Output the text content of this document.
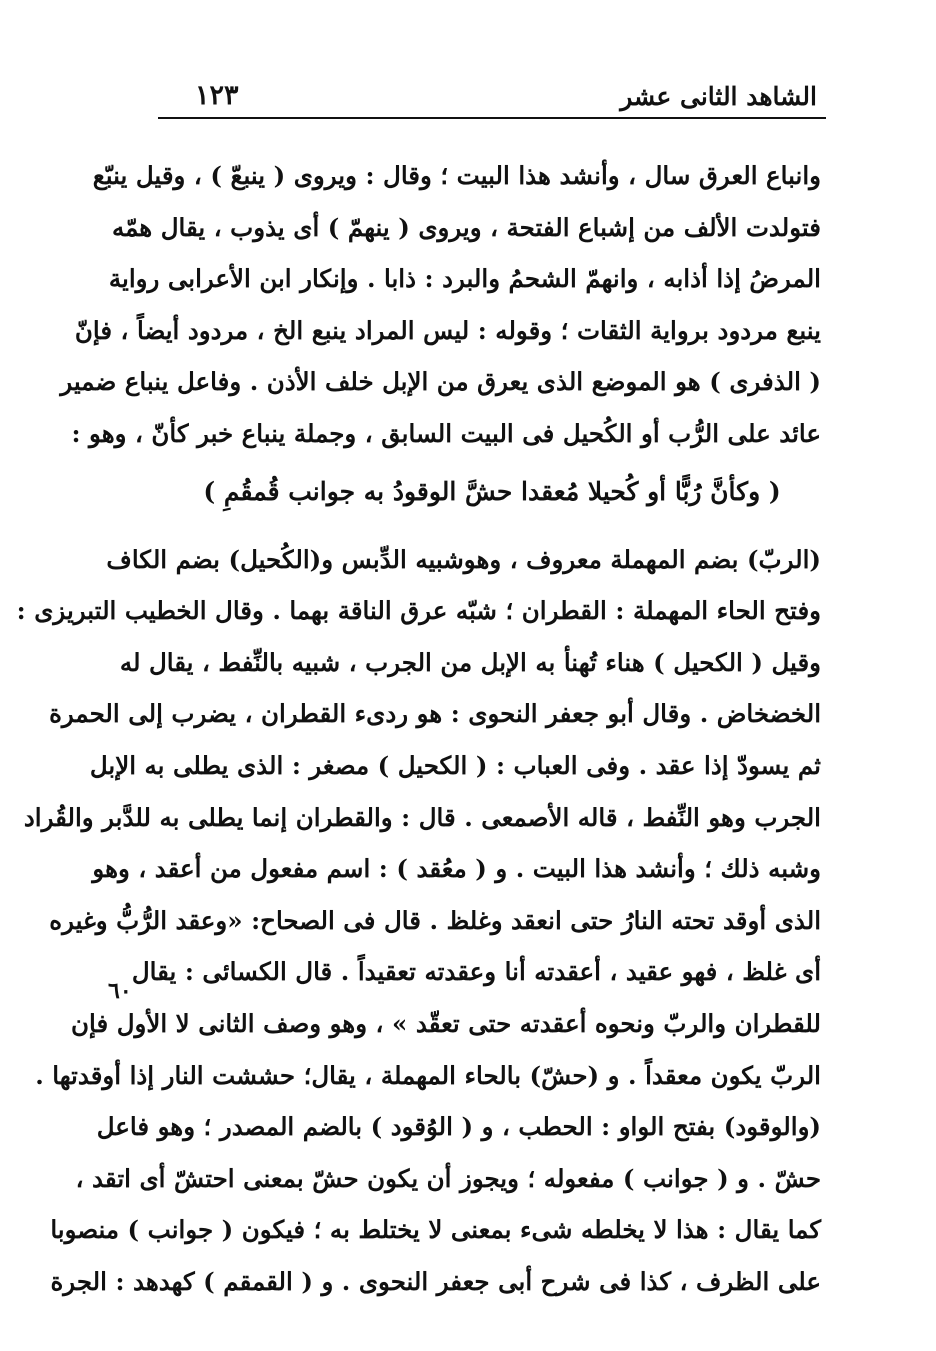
الشاهد الثانى عشر
١٢٣
وانباع العرق سال ، وأنشد هذا البيت ؛ وقال : ويروى ( ينبعّ ) ، وقيل ينبّع
فتولدت الألف من إشباع الفتحة ، ويروى ( ينهمّ ) أى يذوب ، يقال همّه
المرضُ إذا أذابه ، وانهمّ الشحمُ والبرد : ذابا . وإنكار ابن الأعرابى رواية
ينبع مردود برواية الثقات ؛ وقوله : ليس المراد ينبع الخ ، مردود أيضاً ، فإنّ
( الذفرى ) هو الموضع الذى يعرق من الإبل خلف الأذن . وفاعل ينباع ضمير
عائد على الرُّب أو الكُحيل فى البيت السابق ، وجملة ينباع خبر كأنّ ، وهو :
( وكأنَّ رُبًّا أو كُحيلا مُعقدا حشَّ الوقودُ به جوانب قُمقُمِ )
(الربّ) بضم المهملة معروف ، وهوشبيه الدِّبس و(الكُحيل) بضم الكاف
وفتح الحاء المهملة : القطران ؛ شبّه عرق الناقة بهما . وقال الخطيب التبريزى :
وقيل ( الكحيل ) هناء تُهنأ به الإبل من الجرب ، شبيه بالنِّفط ، يقال له
الخضخاض . وقال أبو جعفر النحوى : هو ردىء القطران ، يضرب إلى الحمرة
ثم يسودّ إذا عقد . وفى العباب : ( الكحيل ) مصغر : الذى يطلى به الإبل
الجرب وهو النِّفط ، قاله الأصمعى . قال : والقطران إنما يطلى به للدَّبر والقُراد
وشبه ذلك ؛ وأنشد هذا البيت . و ( معُقد ) : اسم مفعول من أعقد ، وهو
الذى أوقد تحته النارُ حتى انعقد وغلظ . قال فى الصحاح: «وعقد الرُّبُّ وغيره
أى غلظ ، فهو عقيد ، أعقدته أنا وعقدته تعقيداً . قال الكسائى : يقال
للقطران والربّ ونحوه أعقدته حتى تعقّد » ، وهو وصف الثانى لا الأول فإن
الربّ يكون معقداً . و (حشّ) بالحاء المهملة ، يقال؛ حششت النار إذا أوقدتها .
(والوقود) بفتح الواو : الحطب ، و ( الوُقود ) بالضم المصدر ؛ وهو فاعل
حشّ . و ( جوانب ) مفعوله ؛ ويجوز أن يكون حشّ بمعنى احتشّ أى اتقد ،
كما يقال : هذا لا يخلطه شىء بمعنى لا يختلط به ؛ فيكون ( جوانب ) منصوبا
على الظرف ، كذا فى شرح أبى جعفر النحوى . و ( القمقم ) كهدهد : الجرة
٦٠
